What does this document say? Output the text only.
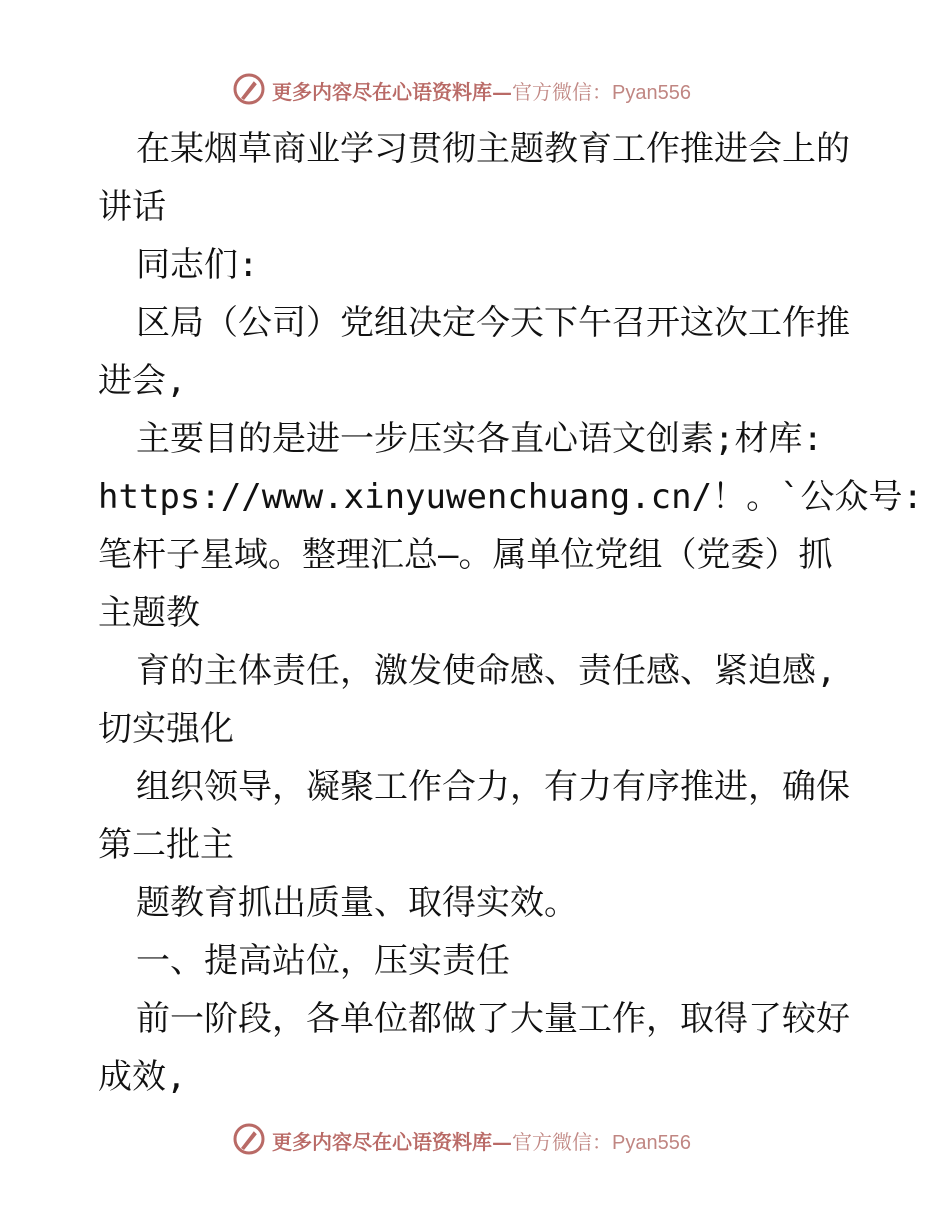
更多内容尽在心语资料库—官方微信：Pyan556
在某烟草商业学习贯彻主题教育工作推进会上的
讲话
同志们:
区局（公司）党组决定今天下午召开这次工作推
进会,
主要目的是进一步压实各直心语文创素;材库:
https://www.xinyuwenchuang.cn/！。`公众号:
笔杆子星域。整理汇总—。属单位党组（党委）抓
主题教
育的主体责任，激发使命感、责任感、紧迫感,
切实强化
组织领导，凝聚工作合力，有力有序推进，确保
第二批主
题教育抓出质量、取得实效。
一、提高站位，压实责任
前一阶段，各单位都做了大量工作，取得了较好
成效,
更多内容尽在心语资料库—官方微信：Pyan556
